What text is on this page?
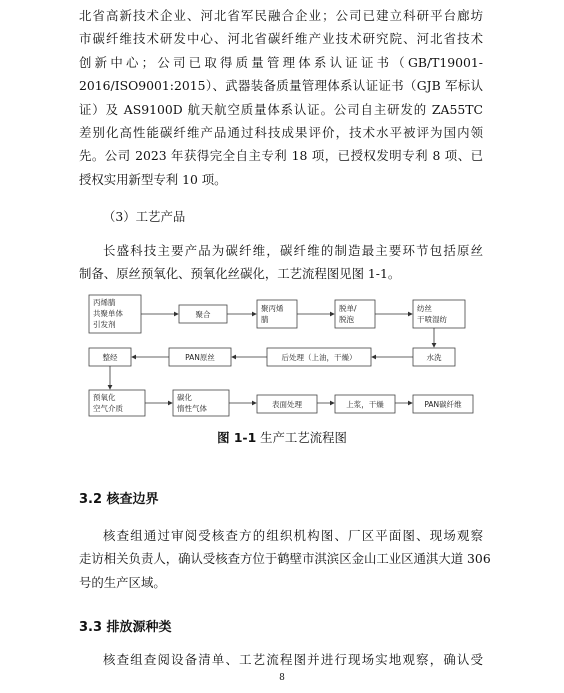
北省高新技术企业、河北省军民融合企业；公司已建立科研平台廊坊
市碳纤维技术研发中心、河北省碳纤维产业技术研究院、河北省技术
创新中心；公司已取得质量管理体系认证证书（GB/T19001-
2016/ISO9001:2015）、武器装备质量管理体系认证证书（GJB 军标认
证）及 AS9100D 航天航空质量体系认证。公司自主研发的 ZA55TC
差别化高性能碳纤维产品通过科技成果评价，技术水平被评为国内领
先。公司 2023 年获得完全自主专利 18 项，已授权发明专利 8 项、已
授权实用新型专利 10 项。
（3）工艺产品
长盛科技主要产品为碳纤维，碳纤维的制造最主要环节包括原丝
制备、原丝预氧化、预氧化丝碳化，工艺流程图见图 1-1。
丙烯腈
共聚单体
引发剂
聚合
聚丙烯
腈
脱单/
脱泡
纺丝
干喷湿纺
水洗
后处理（上油，干燥）
PAN原丝
整经
预氧化
空气介质
碳化
惰性气体	表面处理	上浆，干燥	PAN碳纤维
图 1-1 生产工艺流程图
3.2 核查边界
核查组通过审阅受核查方的组织机构图、厂区平面图、现场观察
走访相关负责人，确认受核查方位于鹤壁市淇滨区金山工业区通淇大道 306
号的生产区域。
3.3 排放源种类
核查组查阅设备清单、工艺流程图并进行现场实地观察，确认受
8
